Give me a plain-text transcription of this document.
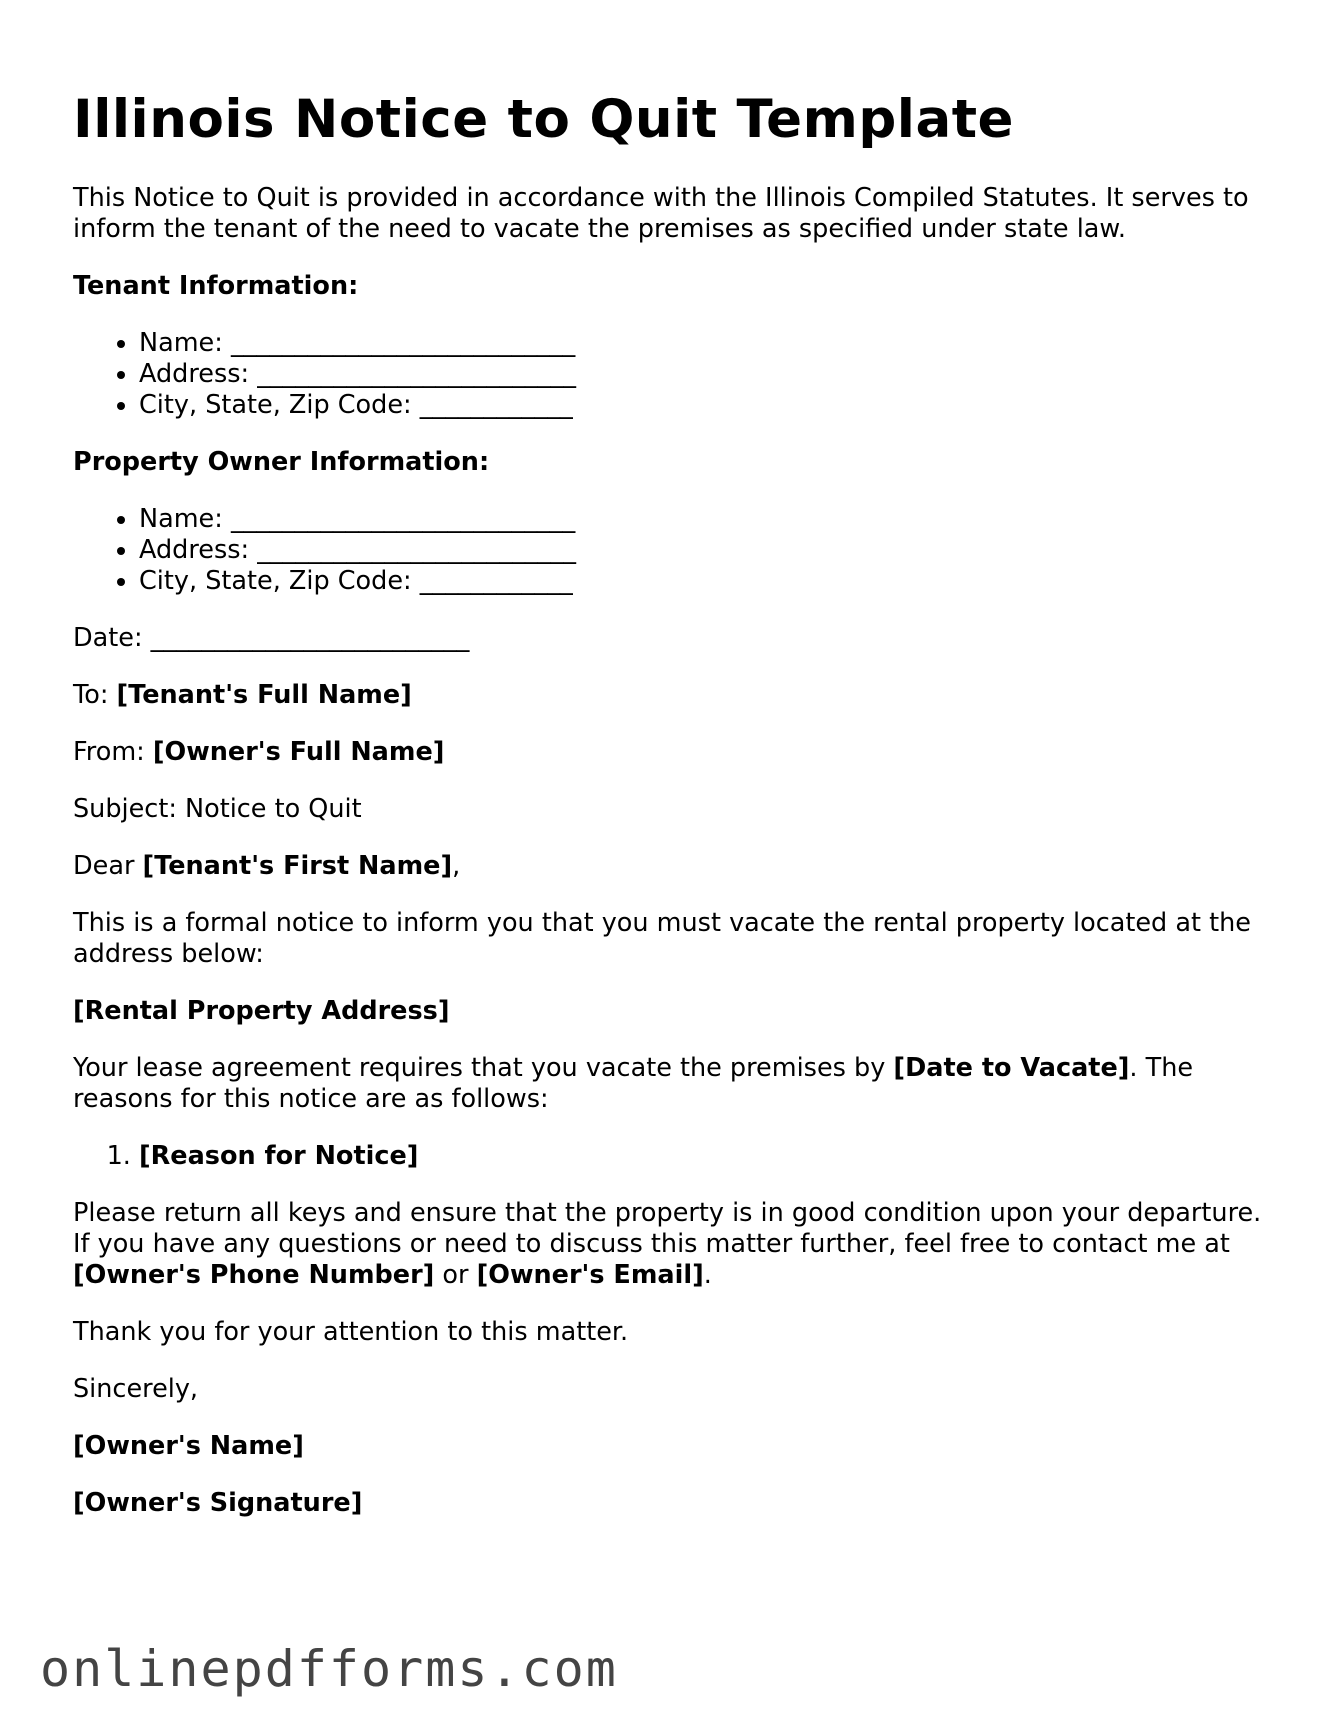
Illinois Notice to Quit Template

This Notice to Quit is provided in accordance with the Illinois Compiled Statutes. It serves to inform the tenant of the need to vacate the premises as specified under state law.

Tenant Information:

• Name: ___________________________
• Address: _________________________
• City, State, Zip Code: ____________

Property Owner Information:

• Name: ___________________________
• Address: _________________________
• City, State, Zip Code: ____________

Date: _________________________

To: [Tenant's Full Name]

From: [Owner's Full Name]

Subject: Notice to Quit

Dear [Tenant's First Name],

This is a formal notice to inform you that you must vacate the rental property located at the address below:

[Rental Property Address]

Your lease agreement requires that you vacate the premises by [Date to Vacate]. The reasons for this notice are as follows:

1. [Reason for Notice]

Please return all keys and ensure that the property is in good condition upon your departure. If you have any questions or need to discuss this matter further, feel free to contact me at [Owner's Phone Number] or [Owner's Email].

Thank you for your attention to this matter.

Sincerely,

[Owner's Name]

[Owner's Signature]

onlinepdfforms.com
